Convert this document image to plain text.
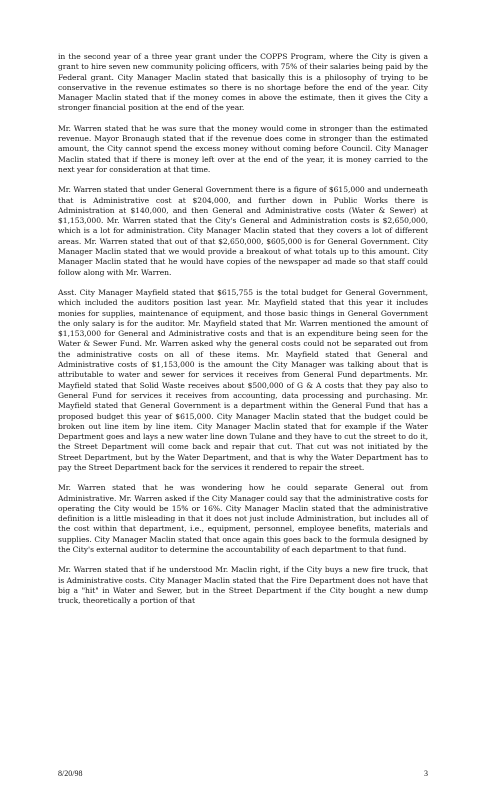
in the second year of a three year grant under the COPPS Program, where the City is given a grant to hire seven new community policing officers, with 75% of their salaries being paid by the Federal grant. City Manager Maclin stated that basically this is a philosophy of trying to be conservative in the revenue estimates so there is no shortage before the end of the year. City Manager Maclin stated that if the money comes in above the estimate, then it gives the City a stronger financial position at the end of the year.

Mr. Warren stated that he was sure that the money would come in stronger than the estimated revenue. Mayor Bronaugh stated that if the revenue does come in stronger than the estimated amount, the City cannot spend the excess money without coming before Council. City Manager Maclin stated that if there is money left over at the end of the year, it is money carried to the next year for consideration at that time.

Mr. Warren stated that under General Government there is a figure of $615,000 and underneath that is Administrative cost at $204,000, and further down in Public Works there is Administration at $140,000, and then General and Administrative costs (Water & Sewer) at $1,153,000. Mr. Warren stated that the City's General and Administration costs is $2,650,000, which is a lot for administration. City Manager Maclin stated that they covers a lot of different areas. Mr. Warren stated that out of that $2,650,000, $605,000 is for General Government. City Manager Maclin stated that we would provide a breakout of what totals up to this amount. City Manager Maclin stated that he would have copies of the newspaper ad made so that staff could follow along with Mr. Warren.

Asst. City Manager Mayfield stated that $615,755 is the total budget for General Government, which included the auditors position last year. Mr. Mayfield stated that this year it includes monies for supplies, maintenance of equipment, and those basic things in General Government the only salary is for the auditor. Mr. Mayfield stated that Mr. Warren mentioned the amount of $1,153,000 for General and Administrative costs and that is an expenditure being seen for the Water & Sewer Fund. Mr. Warren asked why the general costs could not be separated out from the administrative costs on all of these items. Mr. Mayfield stated that General and Administrative costs of $1,153,000 is the amount the City Manager was talking about that is attributable to water and sewer for services it receives from General Fund departments. Mr. Mayfield stated that Solid Waste receives about $500,000 of G & A costs that they pay also to General Fund for services it receives from accounting, data processing and purchasing. Mr. Mayfield stated that General Government is a department within the General Fund that has a proposed budget this year of $615,000. City Manager Maclin stated that the budget could be broken out line item by line item. City Manager Maclin stated that for example if the Water Department goes and lays a new water line down Tulane and they have to cut the street to do it, the Street Department will come back and repair that cut. That cut was not initiated by the Street Department, but by the Water Department, and that is why the Water Department has to pay the Street Department back for the services it rendered to repair the street.

Mr. Warren stated that he was wondering how he could separate General out from Administrative. Mr. Warren asked if the City Manager could say that the administrative costs for operating the City would be 15% or 16%. City Manager Maclin stated that the administrative definition is a little misleading in that it does not just include Administration, but includes all of the cost within that department, i.e., equipment, personnel, employee benefits, materials and supplies. City Manager Maclin stated that once again this goes back to the formula designed by the City's external auditor to determine the accountability of each department to that fund.

Mr. Warren stated that if he understood Mr. Maclin right, if the City buys a new fire truck, that is Administrative costs. City Manager Maclin stated that the Fire Department does not have that big a "hit" in Water and Sewer, but in the Street Department if the City bought a new dump truck, theoretically a portion of that

8/20/98	3
